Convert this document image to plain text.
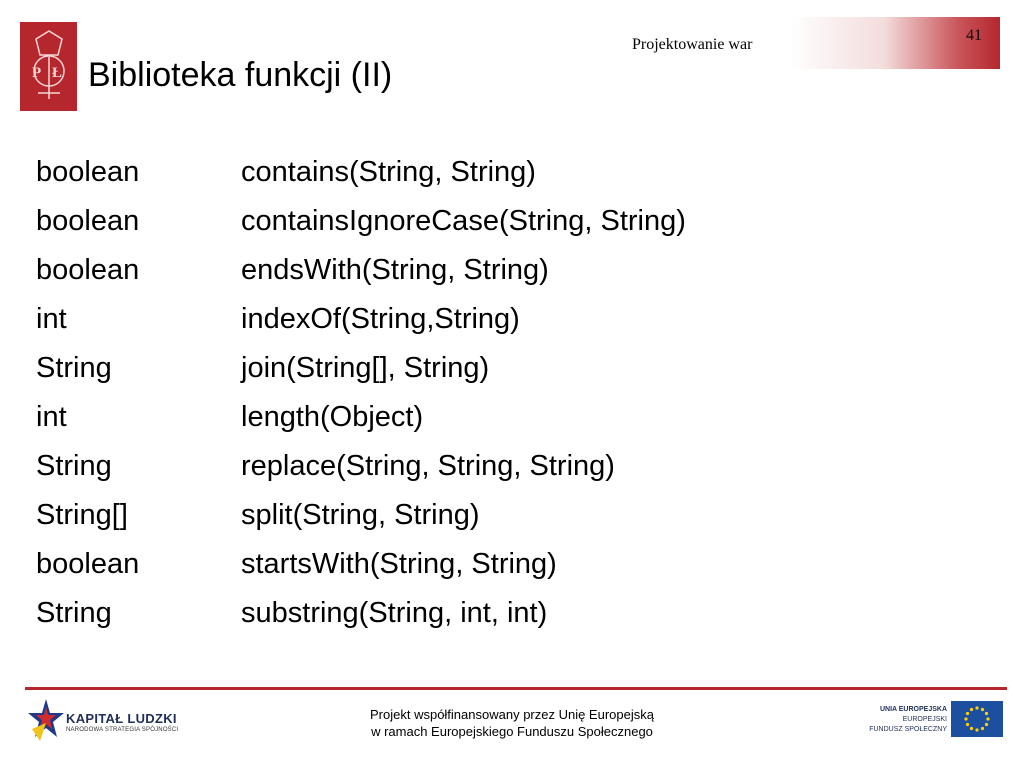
P Ł Biblioteka funkcji (II)
Projektowanie war
41
boolean	contains(String, String)
boolean	containsIgnoreCase(String, String)
boolean	endsWith(String, String)
int	indexOf(String,String)
String	join(String[], String)
int	length(Object)
String	replace(String, String, String)
String[]	split(String, String)
boolean	startsWith(String, String)
String	substring(String, int, int)
KAPITAŁ LUDZKI
NARODOWA STRATEGIA SPÓJNOŚCI
Projekt współfinansowany przez Unię Europejską
w ramach Europejskiego Funduszu Społecznego
UNIA EUROPEJSKA
EUROPEJSKI
FUNDUSZ SPOŁECZNY
